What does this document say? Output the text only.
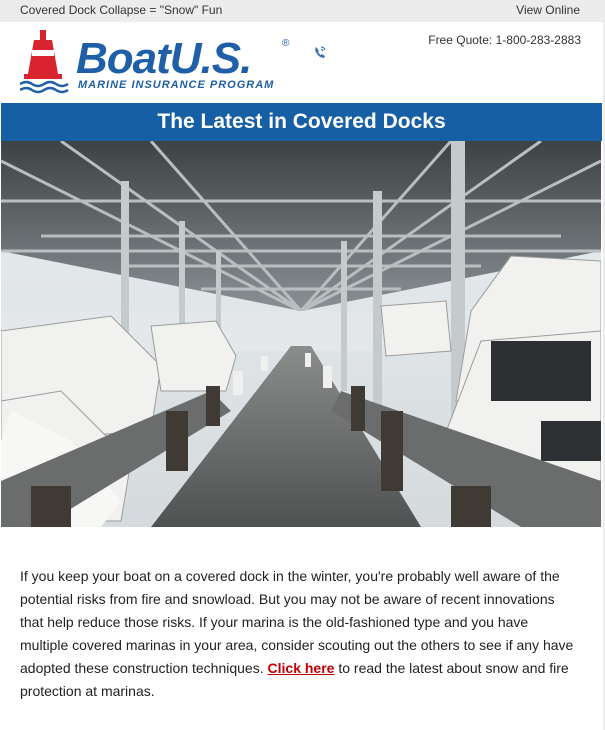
Covered Dock Collapse = "Snow" Fun	View Online
BoatU.S.	®
MARINE INSURANCE PROGRAM
Free Quote: 1-800-283-2883
The Latest in Covered Docks

If you keep your boat on a covered dock in the winter, you're probably well aware of the potential risks from fire and snowload. But you may not be aware of recent innovations that help reduce those risks. If your marina is the old-fashioned type and you have multiple covered marinas in your area, consider scouting out the others to see if any have adopted these construction techniques. Click here to read the latest about snow and fire protection at marinas.
